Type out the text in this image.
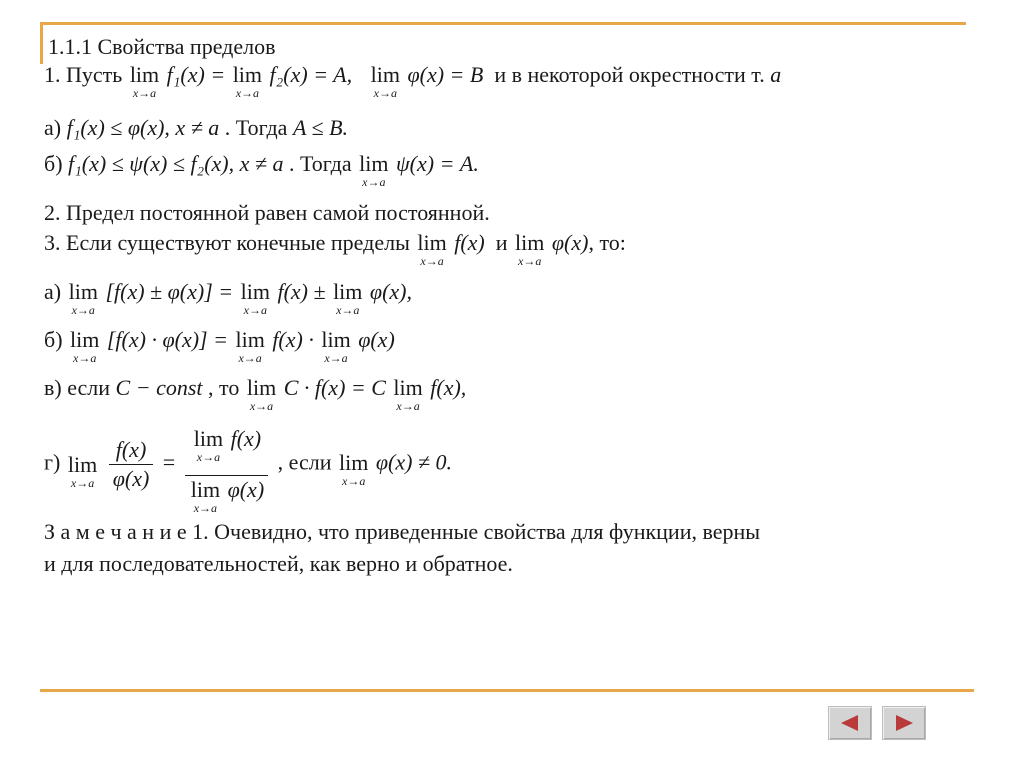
1.1.1 Свойства пределов
1. Пусть lim
x→a
f₁(x) = lim
x→a
f₂(x) = A, lim
x→a
φ(x) = B и в некоторой окрестности т. a
а) f₁(x) ≤ φ(x), x ≠ a . Тогда A ≤ B.
б) f₁(x) ≤ ψ(x) ≤ f₂(x), x ≠ a . Тогда lim
x→a
ψ(x) = A.
2. Предел постоянной равен самой постоянной.
3. Если существуют конечные пределы lim
x→a
f(x) и lim
x→a
φ(x), то:
а) lim
x→a
[f(x) ± φ(x)] = lim
x→a
f(x) ± lim
x→a
φ(x),
б) lim
x→a
[f(x) · φ(x)] = lim
x→a
f(x) · lim
x→a
φ(x)
в) если C − const , то lim
x→a
C · f(x) = C lim
x→a
f(x),
г) lim
x→a
$\frac{f(x)}{\varphi(x)}$ =
lim
x→a
f(x)

lim
x→a
φ(x)
, если lim
x→a
φ(x) ≠ 0.
З а м е ч а н и е 1. Очевидно, что приведенные свойства для функции, верны
и для последовательностей, как верно и обратное.
